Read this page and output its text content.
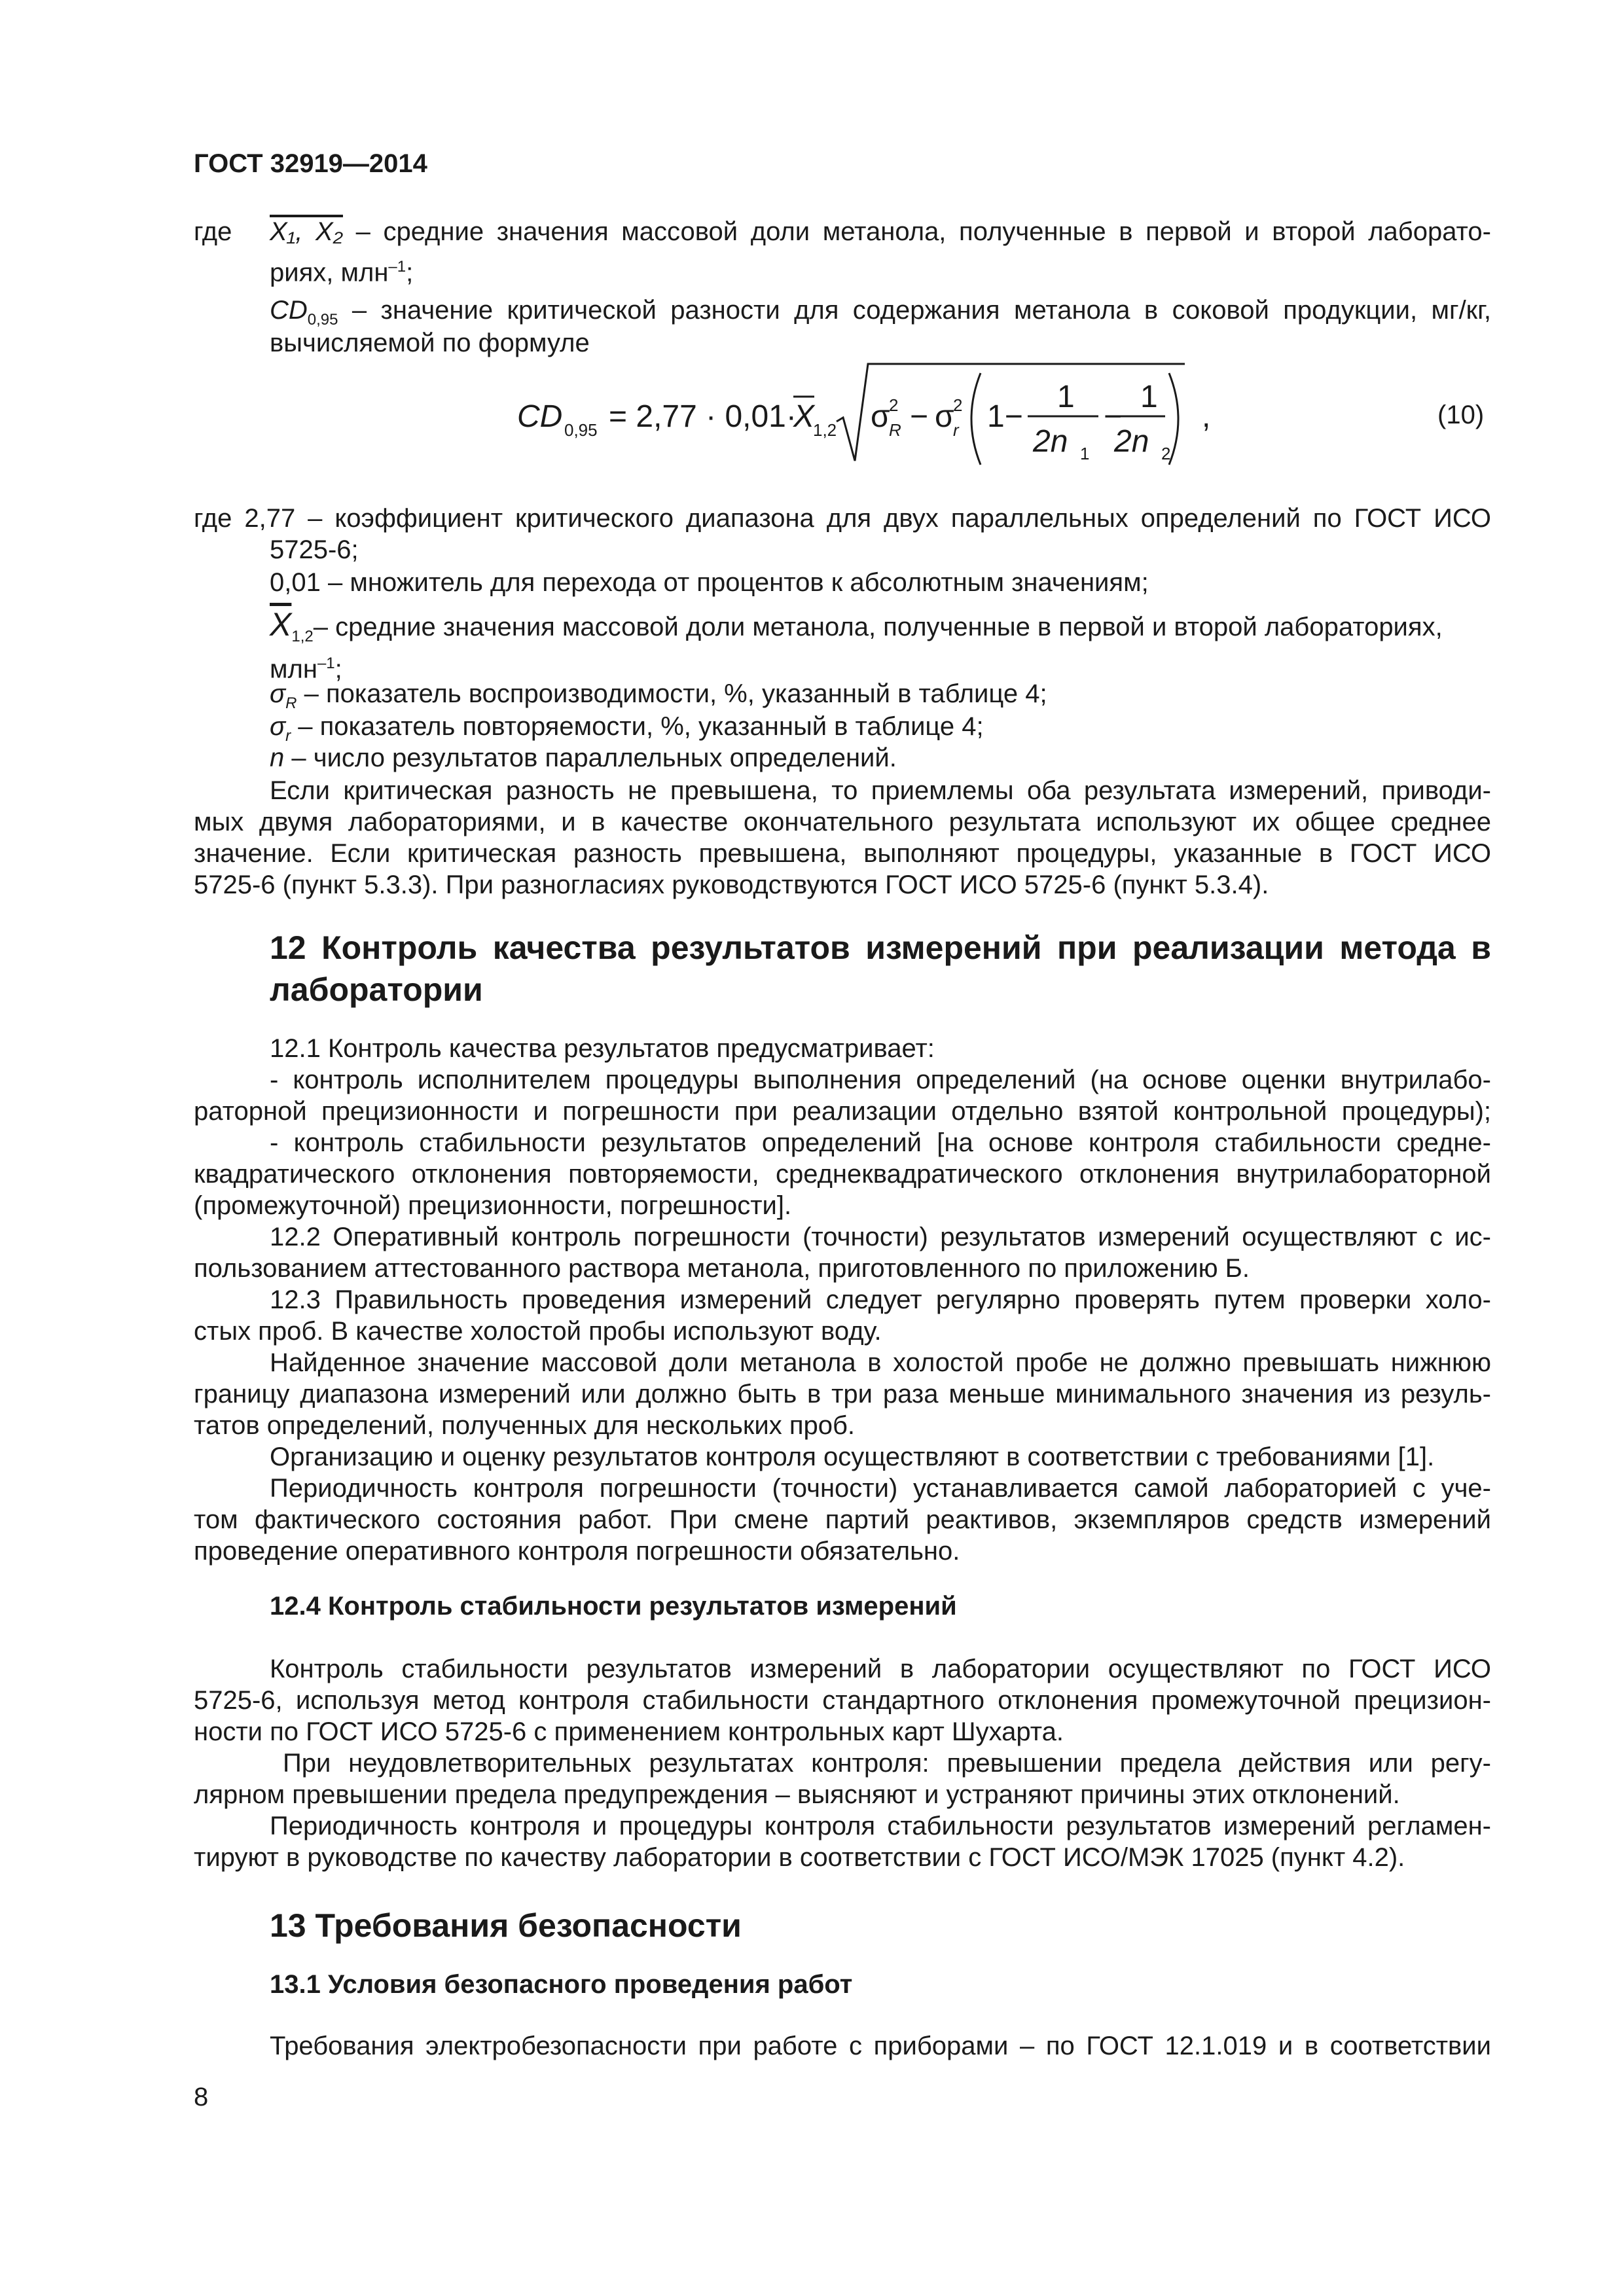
ГОСТ 32919—2014
где X₁, X₂ – средние значения массовой доли метанола, полученные в первой и второй лаборато-
риях, млн$^{-1}$;
$CD_{0,95}$ – значение критической разности для содержания метанола в соковой продукции, мг/кг,
вычисляемой по формуле
CD 0,95 = 2,77 · 0,01·
X
1,2 σ
2
R − σ
2
r 1−
1
2n 1
−
1
2n 2
,	(10)
где 2,77 – коэффициент критического диапазона для двух параллельных определений по ГОСТ ИСО
5725-6;
0,01 – множитель для перехода от процентов к абсолютным значениям;
$\overline{X}_{1,2}-$ средние значения массовой доли метанола, полученные в первой и второй лабораториях,
млн$^{-1}$;
$\sigma_R$ – показатель воспроизводимости, %, указанный в таблице 4;
$\sigma_r$ – показатель повторяемости, %, указанный в таблице 4;
n – число результатов параллельных определений.
Если критическая разность не превышена, то приемлемы оба результата измерений, приводи-
мых двумя лабораториями, и в качестве окончательного результата используют их общее среднее
значение. Если критическая разность превышена, выполняют процедуры, указанные в ГОСТ ИСО
5725-6 (пункт 5.3.3). При разногласиях руководствуются ГОСТ ИСО 5725-6 (пункт 5.3.4).
12 Контроль качества результатов измерений при реализации метода в
лаборатории
12.1 Контроль качества результатов предусматривает:
- контроль исполнителем процедуры выполнения определений (на основе оценки внутрилабо-
раторной прецизионности и погрешности при реализации отдельно взятой контрольной процедуры);
- контроль стабильности результатов определений [на основе контроля стабильности средне-
квадратического отклонения повторяемости, среднеквадратического отклонения внутрилабораторной
(промежуточной) прецизионности, погрешности].
12.2 Оперативный контроль погрешности (точности) результатов измерений осуществляют с ис-
пользованием аттестованного раствора метанола, приготовленного по приложению Б.
12.3 Правильность проведения измерений следует регулярно проверять путем проверки холо-
стых проб. В качестве холостой пробы используют воду.
Найденное значение массовой доли метанола в холостой пробе не должно превышать нижнюю
границу диапазона измерений или должно быть в три раза меньше минимального значения из резуль-
татов определений, полученных для нескольких проб.
Организацию и оценку результатов контроля осуществляют в соответствии с требованиями [1].
Периодичность контроля погрешности (точности) устанавливается самой лабораторией с уче-
том фактического состояния работ. При смене партий реактивов, экземпляров средств измерений
проведение оперативного контроля погрешности обязательно.
12.4 Контроль стабильности результатов измерений
Контроль стабильности результатов измерений в лаборатории осуществляют по ГОСТ ИСО
5725-6, используя метод контроля стабильности стандартного отклонения промежуточной прецизион-
ности по ГОСТ ИСО 5725-6 с применением контрольных карт Шухарта.
При неудовлетворительных результатах контроля: превышении предела действия или регу-
лярном превышении предела предупреждения – выясняют и устраняют причины этих отклонений.
Периодичность контроля и процедуры контроля стабильности результатов измерений регламен-
тируют в руководстве по качеству лаборатории в соответствии с ГОСТ ИСО/МЭК 17025 (пункт 4.2).
13 Требования безопасности
13.1 Условия безопасного проведения работ
Требования электробезопасности при работе с приборами – по ГОСТ 12.1.019 и в соответствии
8
